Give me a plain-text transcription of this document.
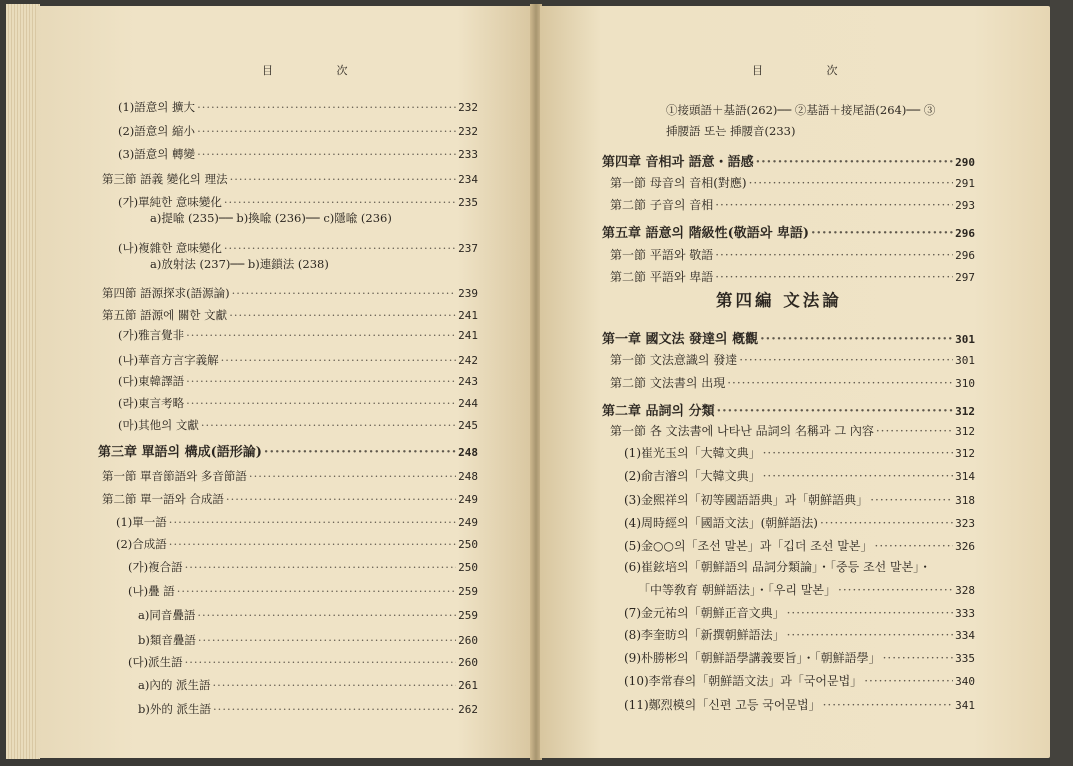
目 次
(1)語意의 擴大 ·····	232
(2)語意의 縮小 ·····	232
(3)語意의 轉變 ·····	233
第三節 語義 變化의 理法 ·····	234
(가)單純한 意味變化 ·····	235
(나)複雜한 意味變化 ·····	237
第四節 語源探求(語源論) ·····	239
第五節 語源에 關한 文獻 ·····	241
(가)雅言覺非 ·····	241
(나)華音方言字義解 ·····	242
(다)東韓譯語 ·····	243
(라)東言考略 ·····	244
(마)其他의 文獻 ·····	245
第三章 單語의 構成(語形論) ·····	248
第一節 單音節語와 多音節語 ·····	248
第二節 單一語와 合成語 ·····	249
(1)單一語 ·····	249
(2)合成語 ·····	250
(가)複合語 ·····	250
(나)疊 語 ·····	259
a)同音疊語 ·····	259
b)類音疊語 ·····	260
(다)派生語 ·····	260
a)內的 派生語 ·····	261
b)外的 派生語 ·····	262
a)提喩 (235)── b)換喩 (236)── c)隱喩 (236)
a)放射法 (237)── b)連鎖法 (238)
目 次
①接頭語＋基語(262)── ②基語＋接尾語(264)── ③
挿腰語 또는 挿腰音(233)
第四章 音相과 語意・語感 ·····	290
第一節 母音의 音相(對應) ·····	291
第二節 子音의 音相 ·····	293
第五章 語意의 階級性(敬語와 卑語) ·····	296
第一節 平語와 敬語 ·····	296
第二節 平語와 卑語 ·····	297
第一章 國文法 發達의 槪觀 ·····	301
第一節 文法意識의 發達 ·····	301
第二節 文法書의 出現 ·····	310
第二章 品詞의 分類 ·····	312
第一節 各 文法書에 나타난 品詞의 名稱과 그 內容 ·····	312
(1)崔光玉의「大韓文典」 ·····	312
(2)俞吉濬의「大韓文典」 ·····	314
(3)金熙祥의「初等國語語典」과「朝鮮語典」 ·····	318
(4)周時經의「國語文法」(朝鮮語法) ·····	323
(5)金○○의「조선 말본」과「깁더 조선 말본」 ·····	326
(6)崔鉉培의「朝鮮語의 品詞分類論」・「중등 조선 말본」・
「中等敎育 朝鮮語法」・「우리 말본」 ·····	328
(7)金元祐의「朝鮮正音文典」 ·····	333
(8)李奎昉의「新撰朝鮮語法」 ·····	334
(9)朴勝彬의「朝鮮語學講義要旨」・「朝鮮語學」 ·····	335
(10)李常春의「朝鮮語文法」과「국어문법」 ·····	340
(11)鄭烈模의「신편 고등 국어문법」 ·····	341
第四編 文法論
